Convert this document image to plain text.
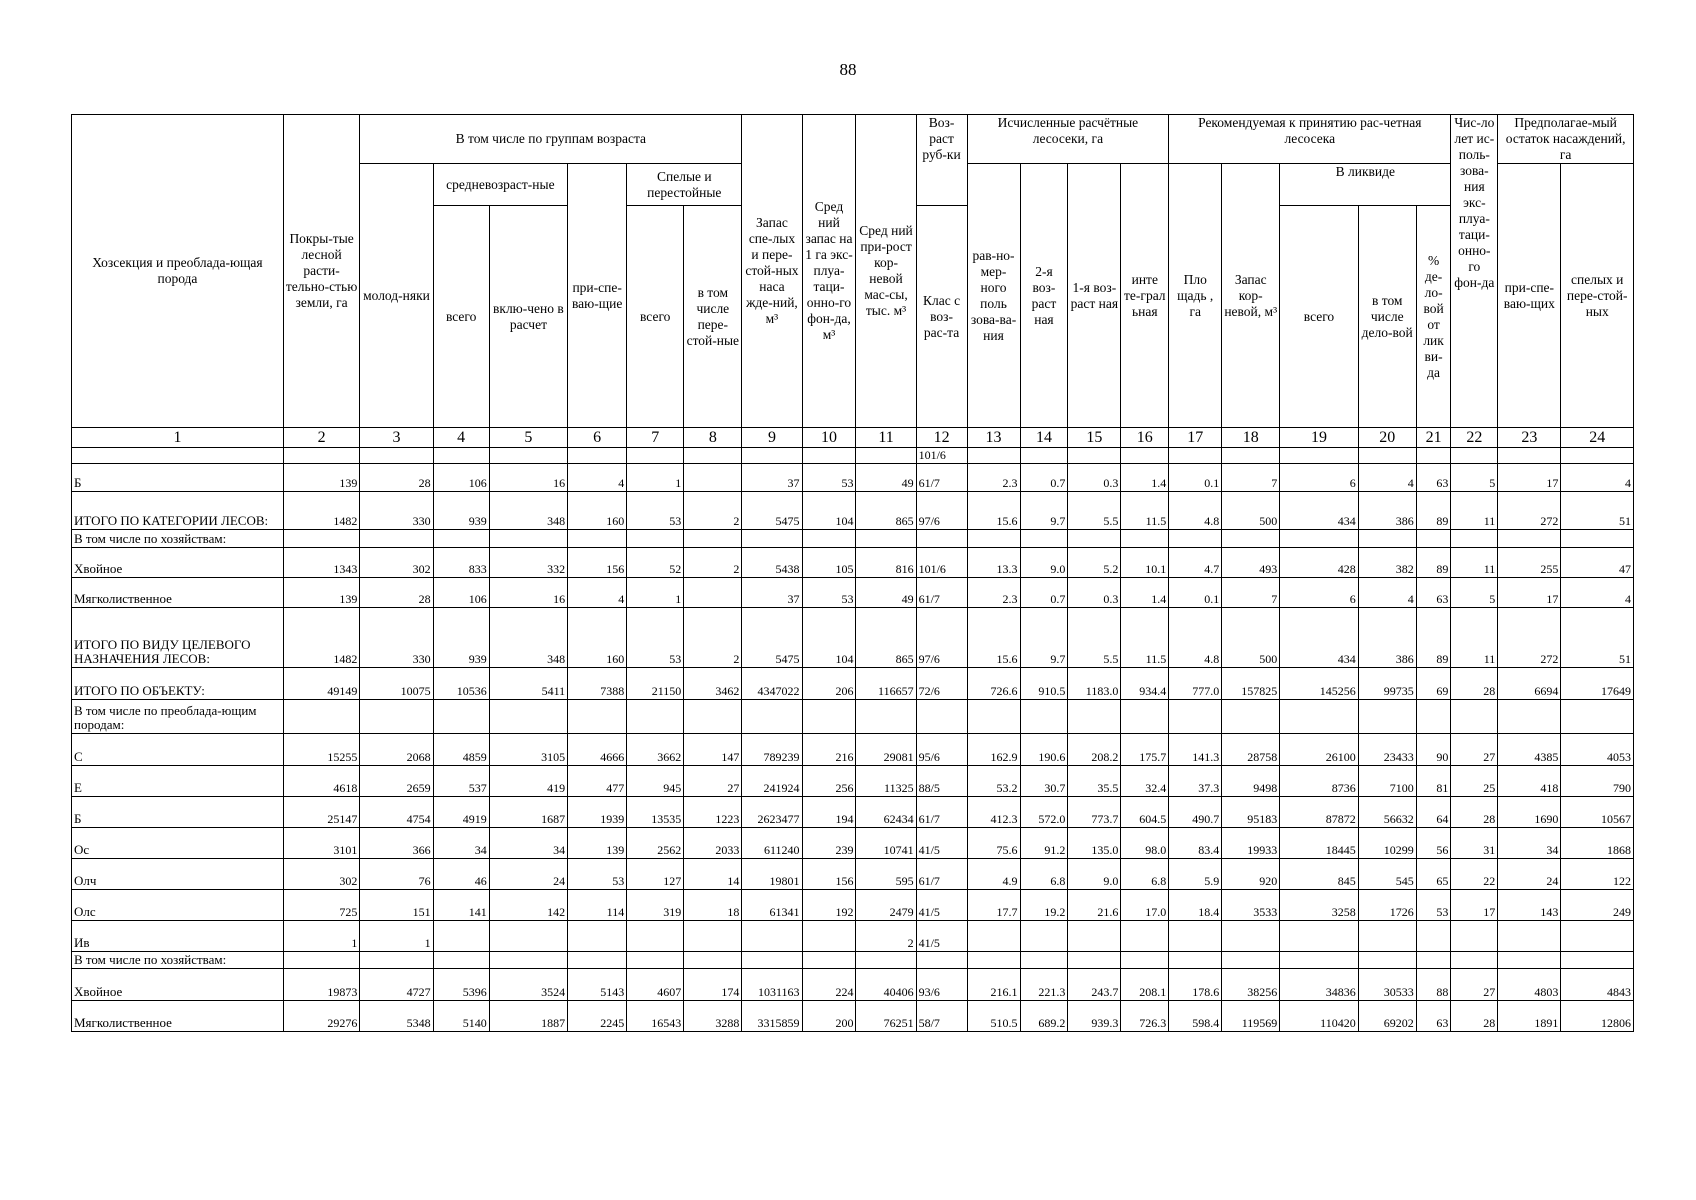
88
Хозсекция и преоблада-ющая порода	Покры-тые лесной расти-тельно-стью земли, га	В том числе по группам возраста						Запас спе-лых и пере-стой-ных наса жде-ний, м³	Сред ний запас на 1 га экс-плуа-таци-онно-го фон-да, м³	Сред ний при-рост кор-невой мас-сы, тыс. м³	Воз-раст руб-ки	Исчисленные расчётные лесосеки, га				Рекомендуемая к принятию рас-четная лесосека					Чис-ло лет ис-поль-зова-ния экс-плуа-таци-онно-го фон-да	Предполагае-мый остаток насаждений, га	
		молод-няки	средневозраст-ные		при-спе-ваю-щие	Спелые и перестойные						рав-но-мер-ного поль зова-ва-ния	2-я воз-раст ная	1-я воз-раст ная	инте те-грал ьная	Пло щадь , га	Запас кор-невой, м³	В ликвиде				при-спе-ваю-щих	спелых и пере-стой-ных
			всего	вклю-чено в расчет		всего	в том числе пере-стой-ные				Клас с воз-рас-та							всего	в том числе дело-вой	% де-ло-вой от лик ви-да			
1	2	3	4	5	6	7	8	9	10	11	12	13	14	15	16	17	18	19	20	21	22	23	24
											101/6												
Б	139	28	106	16	4	1		37	53	49	61/7	2.3	0.7	0.3	1.4	0.1	7	6	4	63	5	17	4
ИТОГО ПО КАТЕГОРИИ ЛЕСОВ:	1482	330	939	348	160	53	2	5475	104	865	97/6	15.6	9.7	5.5	11.5	4.8	500	434	386	89	11	272	51
В том числе по хозяйствам:																							
Хвойное	1343	302	833	332	156	52	2	5438	105	816	101/6	13.3	9.0	5.2	10.1	4.7	493	428	382	89	11	255	47
Мягколиственное	139	28	106	16	4	1		37	53	49	61/7	2.3	0.7	0.3	1.4	0.1	7	6	4	63	5	17	4
ИТОГО ПО ВИДУ ЦЕЛЕВОГО НАЗНАЧЕНИЯ ЛЕСОВ:	1482	330	939	348	160	53	2	5475	104	865	97/6	15.6	9.7	5.5	11.5	4.8	500	434	386	89	11	272	51
ИТОГО ПО ОБЪЕКТУ:	49149	10075	10536	5411	7388	21150	3462	4347022	206	116657	72/6	726.6	910.5	1183.0	934.4	777.0	157825	145256	99735	69	28	6694	17649
В том числе по преоблада-ющим породам:																							
С	15255	2068	4859	3105	4666	3662	147	789239	216	29081	95/6	162.9	190.6	208.2	175.7	141.3	28758	26100	23433	90	27	4385	4053
Е	4618	2659	537	419	477	945	27	241924	256	11325	88/5	53.2	30.7	35.5	32.4	37.3	9498	8736	7100	81	25	418	790
Б	25147	4754	4919	1687	1939	13535	1223	2623477	194	62434	61/7	412.3	572.0	773.7	604.5	490.7	95183	87872	56632	64	28	1690	10567
Ос	3101	366	34	34	139	2562	2033	611240	239	10741	41/5	75.6	91.2	135.0	98.0	83.4	19933	18445	10299	56	31	34	1868
Олч	302	76	46	24	53	127	14	19801	156	595	61/7	4.9	6.8	9.0	6.8	5.9	920	845	545	65	22	24	122
Олс	725	151	141	142	114	319	18	61341	192	2479	41/5	17.7	19.2	21.6	17.0	18.4	3533	3258	1726	53	17	143	249
Ив	1	1								2	41/5												
В том числе по хозяйствам:																							
Хвойное	19873	4727	5396	3524	5143	4607	174	1031163	224	40406	93/6	216.1	221.3	243.7	208.1	178.6	38256	34836	30533	88	27	4803	4843
Мягколиственное	29276	5348	5140	1887	2245	16543	3288	3315859	200	76251	58/7	510.5	689.2	939.3	726.3	598.4	119569	110420	69202	63	28	1891	12806
